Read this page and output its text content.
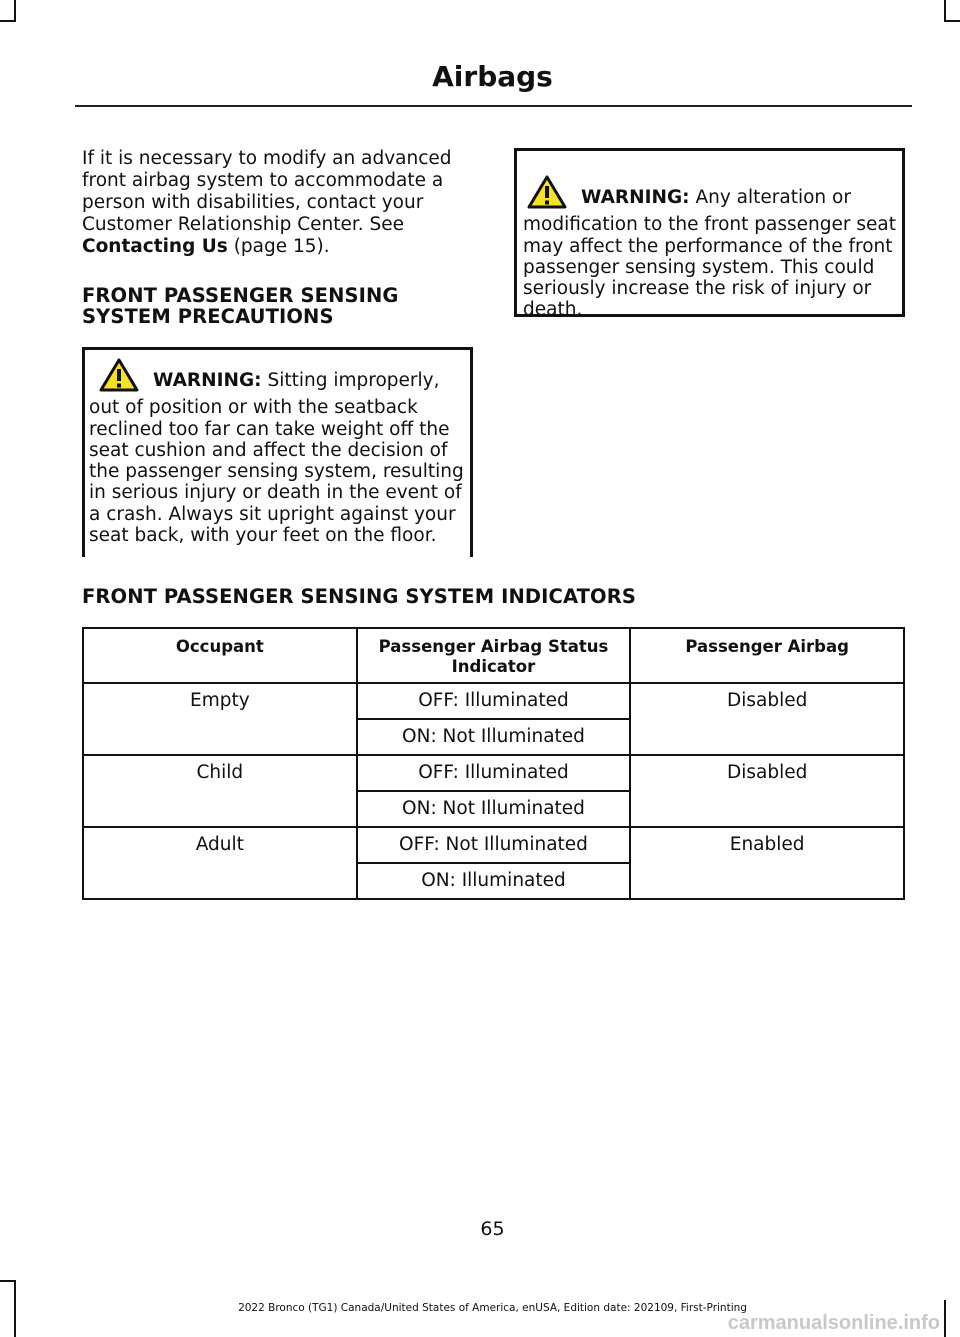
Airbags

If it is necessary to modify an advanced front airbag system to accommodate a person with disabilities, contact your Customer Relationship Center. See Contacting Us (page 15).

FRONT PASSENGER SENSING
SYSTEM PRECAUTIONS

WARNING: Sitting improperly, out of position or with the seatback reclined too far can take weight off the seat cushion and affect the decision of the passenger sensing system, resulting in serious injury or death in the event of a crash. Always sit upright against your seat back, with your feet on the floor.

WARNING: Any alteration or modification to the front passenger seat may affect the performance of the front passenger sensing system. This could seriously increase the risk of injury or death.

FRONT PASSENGER SENSING SYSTEM INDICATORS
Occupant	Passenger Airbag Status Indicator	Passenger Airbag
Empty	OFF: Illuminated	Disabled
	ON: Not Illuminated	
Child	OFF: Illuminated	Disabled
	ON: Not Illuminated	
Adult	OFF: Not Illuminated	Enabled
	ON: Illuminated	
65
2022 Bronco (TG1) Canada/United States of America, enUSA, Edition date: 202109, First-Printing
carmanualsonline.info
